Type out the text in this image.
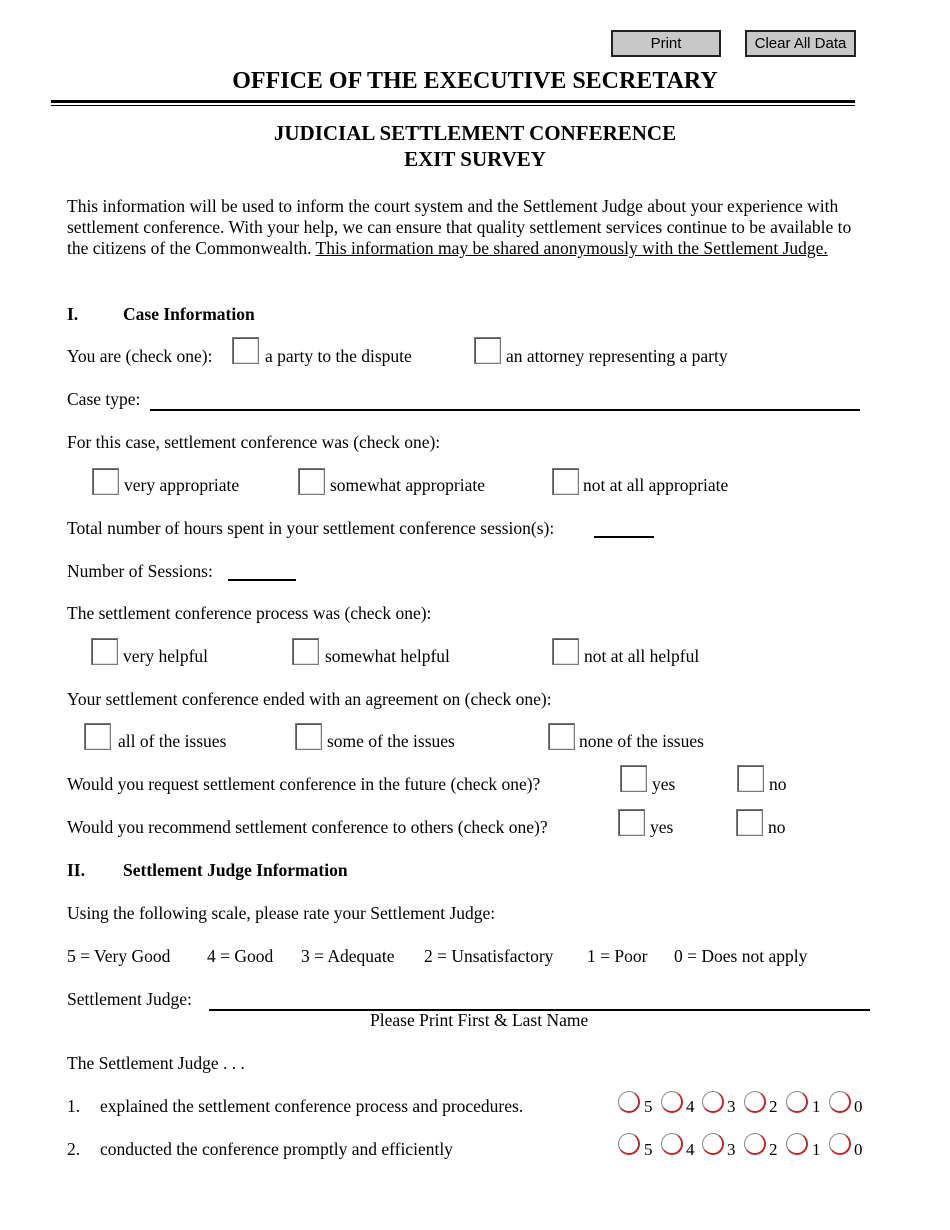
Print	Clear All Data
OFFICE OF THE EXECUTIVE SECRETARY
JUDICIAL SETTLEMENT CONFERENCE
EXIT SURVEY
This information will be used to inform the court system and the Settlement Judge about your experience with settlement conference. With your help, we can ensure that quality settlement services continue to be available to the citizens of the Commonwealth. This information may be shared anonymously with the Settlement Judge.
I.	Case Information
You are (check one):	a party to the dispute	an attorney representing a party
Case type:
For this case, settlement conference was (check one):
very appropriate	somewhat appropriate	not at all appropriate
Total number of hours spent in your settlement conference session(s):
Number of Sessions:
The settlement conference process was (check one):
very helpful	somewhat helpful	not at all helpful
Your settlement conference ended with an agreement on (check one):
all of the issues	some of the issues	none of the issues
Would you request settlement conference in the future (check one)?	yes	no
Would you recommend settlement conference to others (check one)?	yes	no
II. Settlement Judge Information
Using the following scale, please rate your Settlement Judge:
5 = Very Good 4 = Good 3 = Adequate 2 = Unsatisfactory 1 = Poor 0 = Does not apply
Settlement Judge:
Please Print First & Last Name
The Settlement Judge . . .
1. explained the settlement conference process and procedures.	5 4 3 2 1 0
2. conducted the conference promptly and efficiently	5 4 3 2 1 0
